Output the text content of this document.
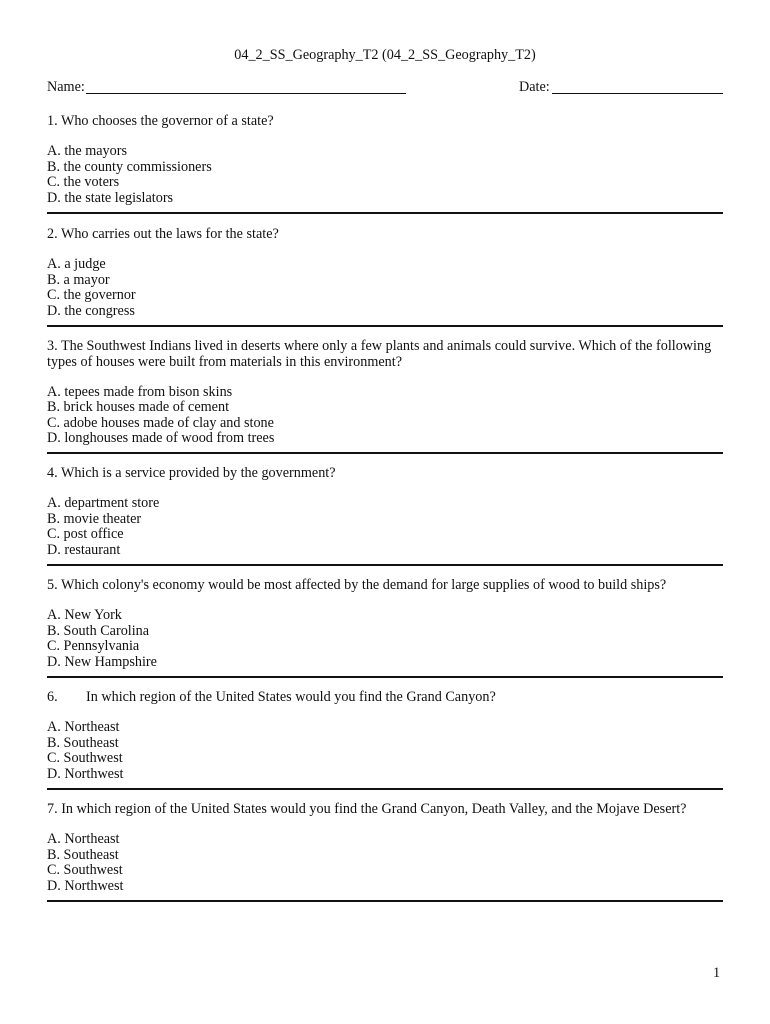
04_2_SS_Geography_T2 (04_2_SS_Geography_T2)
Name:	Date:

1. Who chooses the governor of a state?

A. the mayors

B. the county commissioners

C. the voters

D. the state legislators

2. Who carries out the laws for the state?

A. a judge

B. a mayor

C. the governor

D. the congress

3. The Southwest Indians lived in deserts where only a few plants and animals could survive. Which of the following types of houses were built from materials in this environment?

A. tepees made from bison skins

B. brick houses made of cement

C. adobe houses made of clay and stone

D. longhouses made of wood from trees

4. Which is a service provided by the government?

A. department store

B. movie theater

C. post office

D. restaurant

5. Which colony's economy would be most affected by the demand for large supplies of wood to build ships?

A. New York

B. South Carolina

C. Pennsylvania

D. New Hampshire

6. In which region of the United States would you find the Grand Canyon?

A. Northeast

B. Southeast

C. Southwest

D. Northwest

7. In which region of the United States would you find the Grand Canyon, Death Valley, and the Mojave Desert?

A. Northeast

B. Southeast

C. Southwest

D. Northwest

1
